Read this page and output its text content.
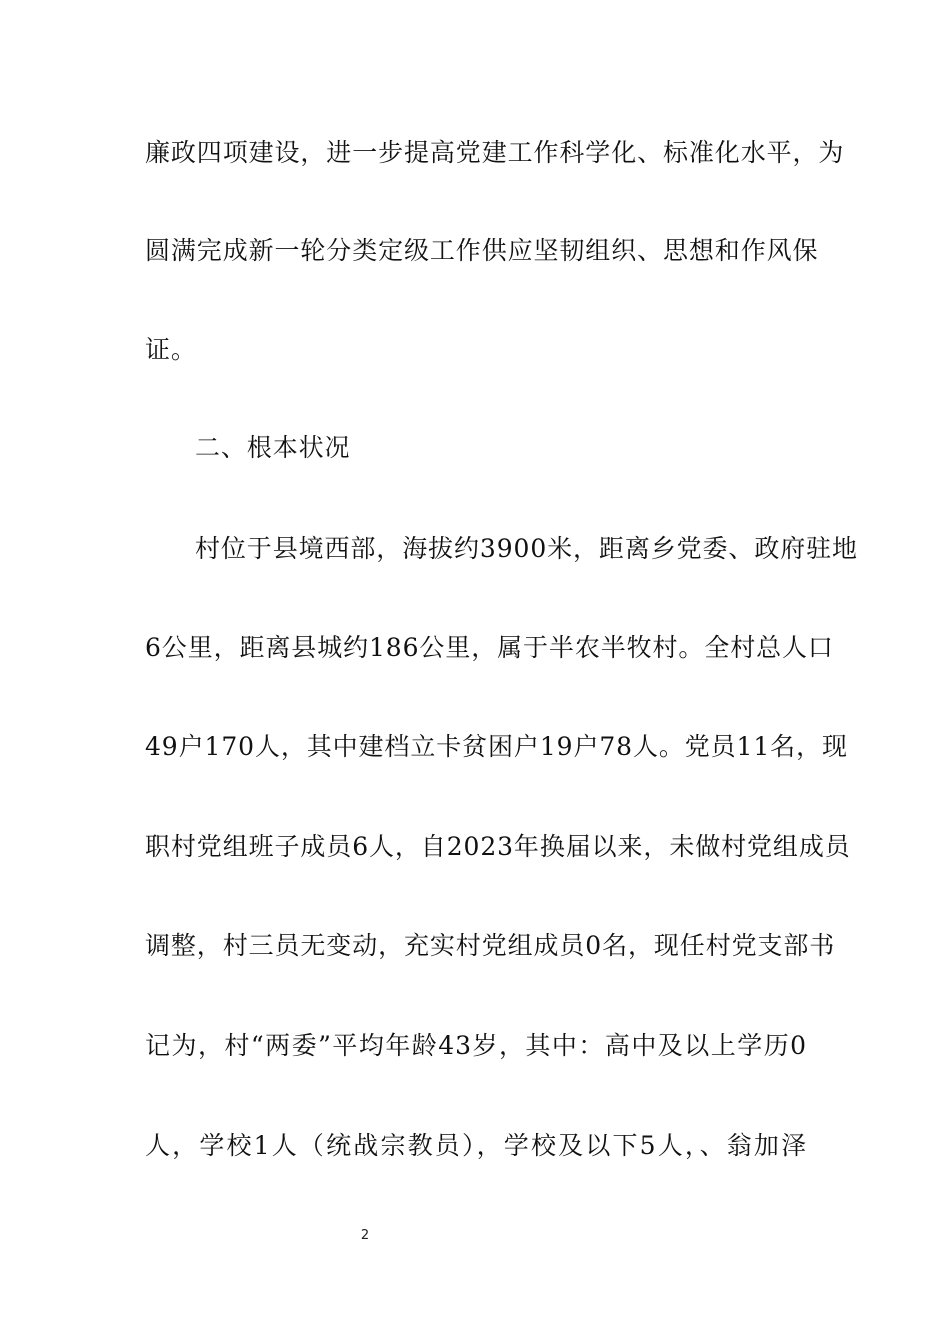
廉政四项建设，进一步提高党建工作科学化、标准化水平，为
圆满完成新一轮分类定级工作供应坚韧组织、思想和作风保
证。
二、根本状况
村位于县境西部，海拔约3900米，距离乡党委、政府驻地
6公里，距离县城约186公里，属于半农半牧村。全村总人口
49户170人，其中建档立卡贫困户19户78人。党员11名，现
职村党组班子成员6人，自2023年换届以来，未做村党组成员
调整，村三员无变动，充实村党组成员0名，现任村党支部书
记为，村“两委”平均年龄43岁，其中：高中及以上学历0
人，学校1人（统战宗教员），学校及以下5人，、翁加泽
2
